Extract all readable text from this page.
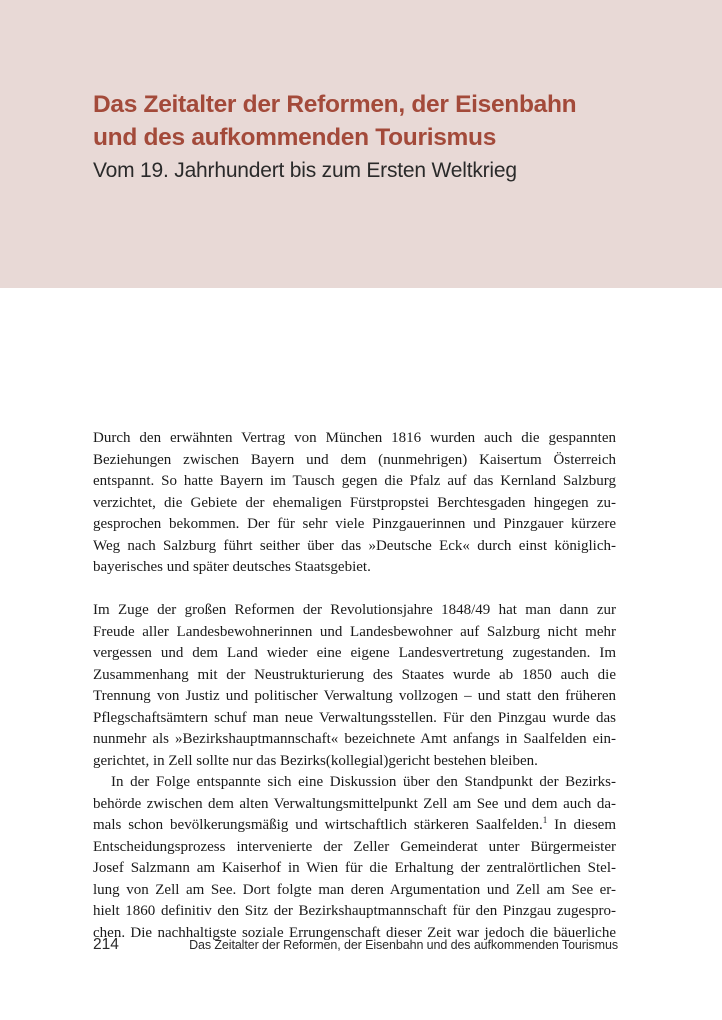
Das Zeitalter der Reformen, der Eisenbahn
und des aufkommenden Tourismus
Vom 19. Jahrhundert bis zum Ersten Weltkrieg

Durch den erwähnten Vertrag von München 1816 wurden auch die gespannten
Beziehungen zwischen Bayern und dem (nunmehrigen) Kaisertum Österreich
entspannt. So hatte Bayern im Tausch gegen die Pfalz auf das Kernland Salzburg
verzichtet, die Gebiete der ehemaligen Fürstpropstei Berchtesgaden hingegen zu-
gesprochen bekommen. Der für sehr viele Pinzgauerinnen und Pinzgauer kürzere
Weg nach Salzburg führt seither über das »Deutsche Eck« durch einst königlich-
bayerisches und später deutsches Staatsgebiet.

Im Zuge der großen Reformen der Revolutionsjahre 1848/49 hat man dann zur
Freude aller Landesbewohnerinnen und Landesbewohner auf Salzburg nicht mehr
vergessen und dem Land wieder eine eigene Landesvertretung zugestanden. Im
Zusammenhang mit der Neustrukturierung des Staates wurde ab 1850 auch die
Trennung von Justiz und politischer Verwaltung vollzogen – und statt den früheren
Pflegschaftsämtern schuf man neue Verwaltungsstellen. Für den Pinzgau wurde das
nunmehr als »Bezirkshauptmannschaft« bezeichnete Amt anfangs in Saalfelden ein-
gerichtet, in Zell sollte nur das Bezirks(kollegial)gericht bestehen bleiben.

In der Folge entspannte sich eine Diskussion über den Standpunkt der Bezirks-
behörde zwischen dem alten Verwaltungsmittelpunkt Zell am See und dem auch da-
mals schon bevölkerungsmäßig und wirtschaftlich stärkeren Saalfelden.$^1$ In diesem
Entscheidungsprozess intervenierte der Zeller Gemeinderat unter Bürgermeister
Josef Salzmann am Kaiserhof in Wien für die Erhaltung der zentralörtlichen Stel-
lung von Zell am See. Dort folgte man deren Argumentation und Zell am See er-
hielt 1860 definitiv den Sitz der Bezirkshauptmannschaft für den Pinzgau zugespro-
chen. Die nachhaltigste soziale Errungenschaft dieser Zeit war jedoch die bäuerliche

214	Das Zeitalter der Reformen, der Eisenbahn und des aufkommenden Tourismus
